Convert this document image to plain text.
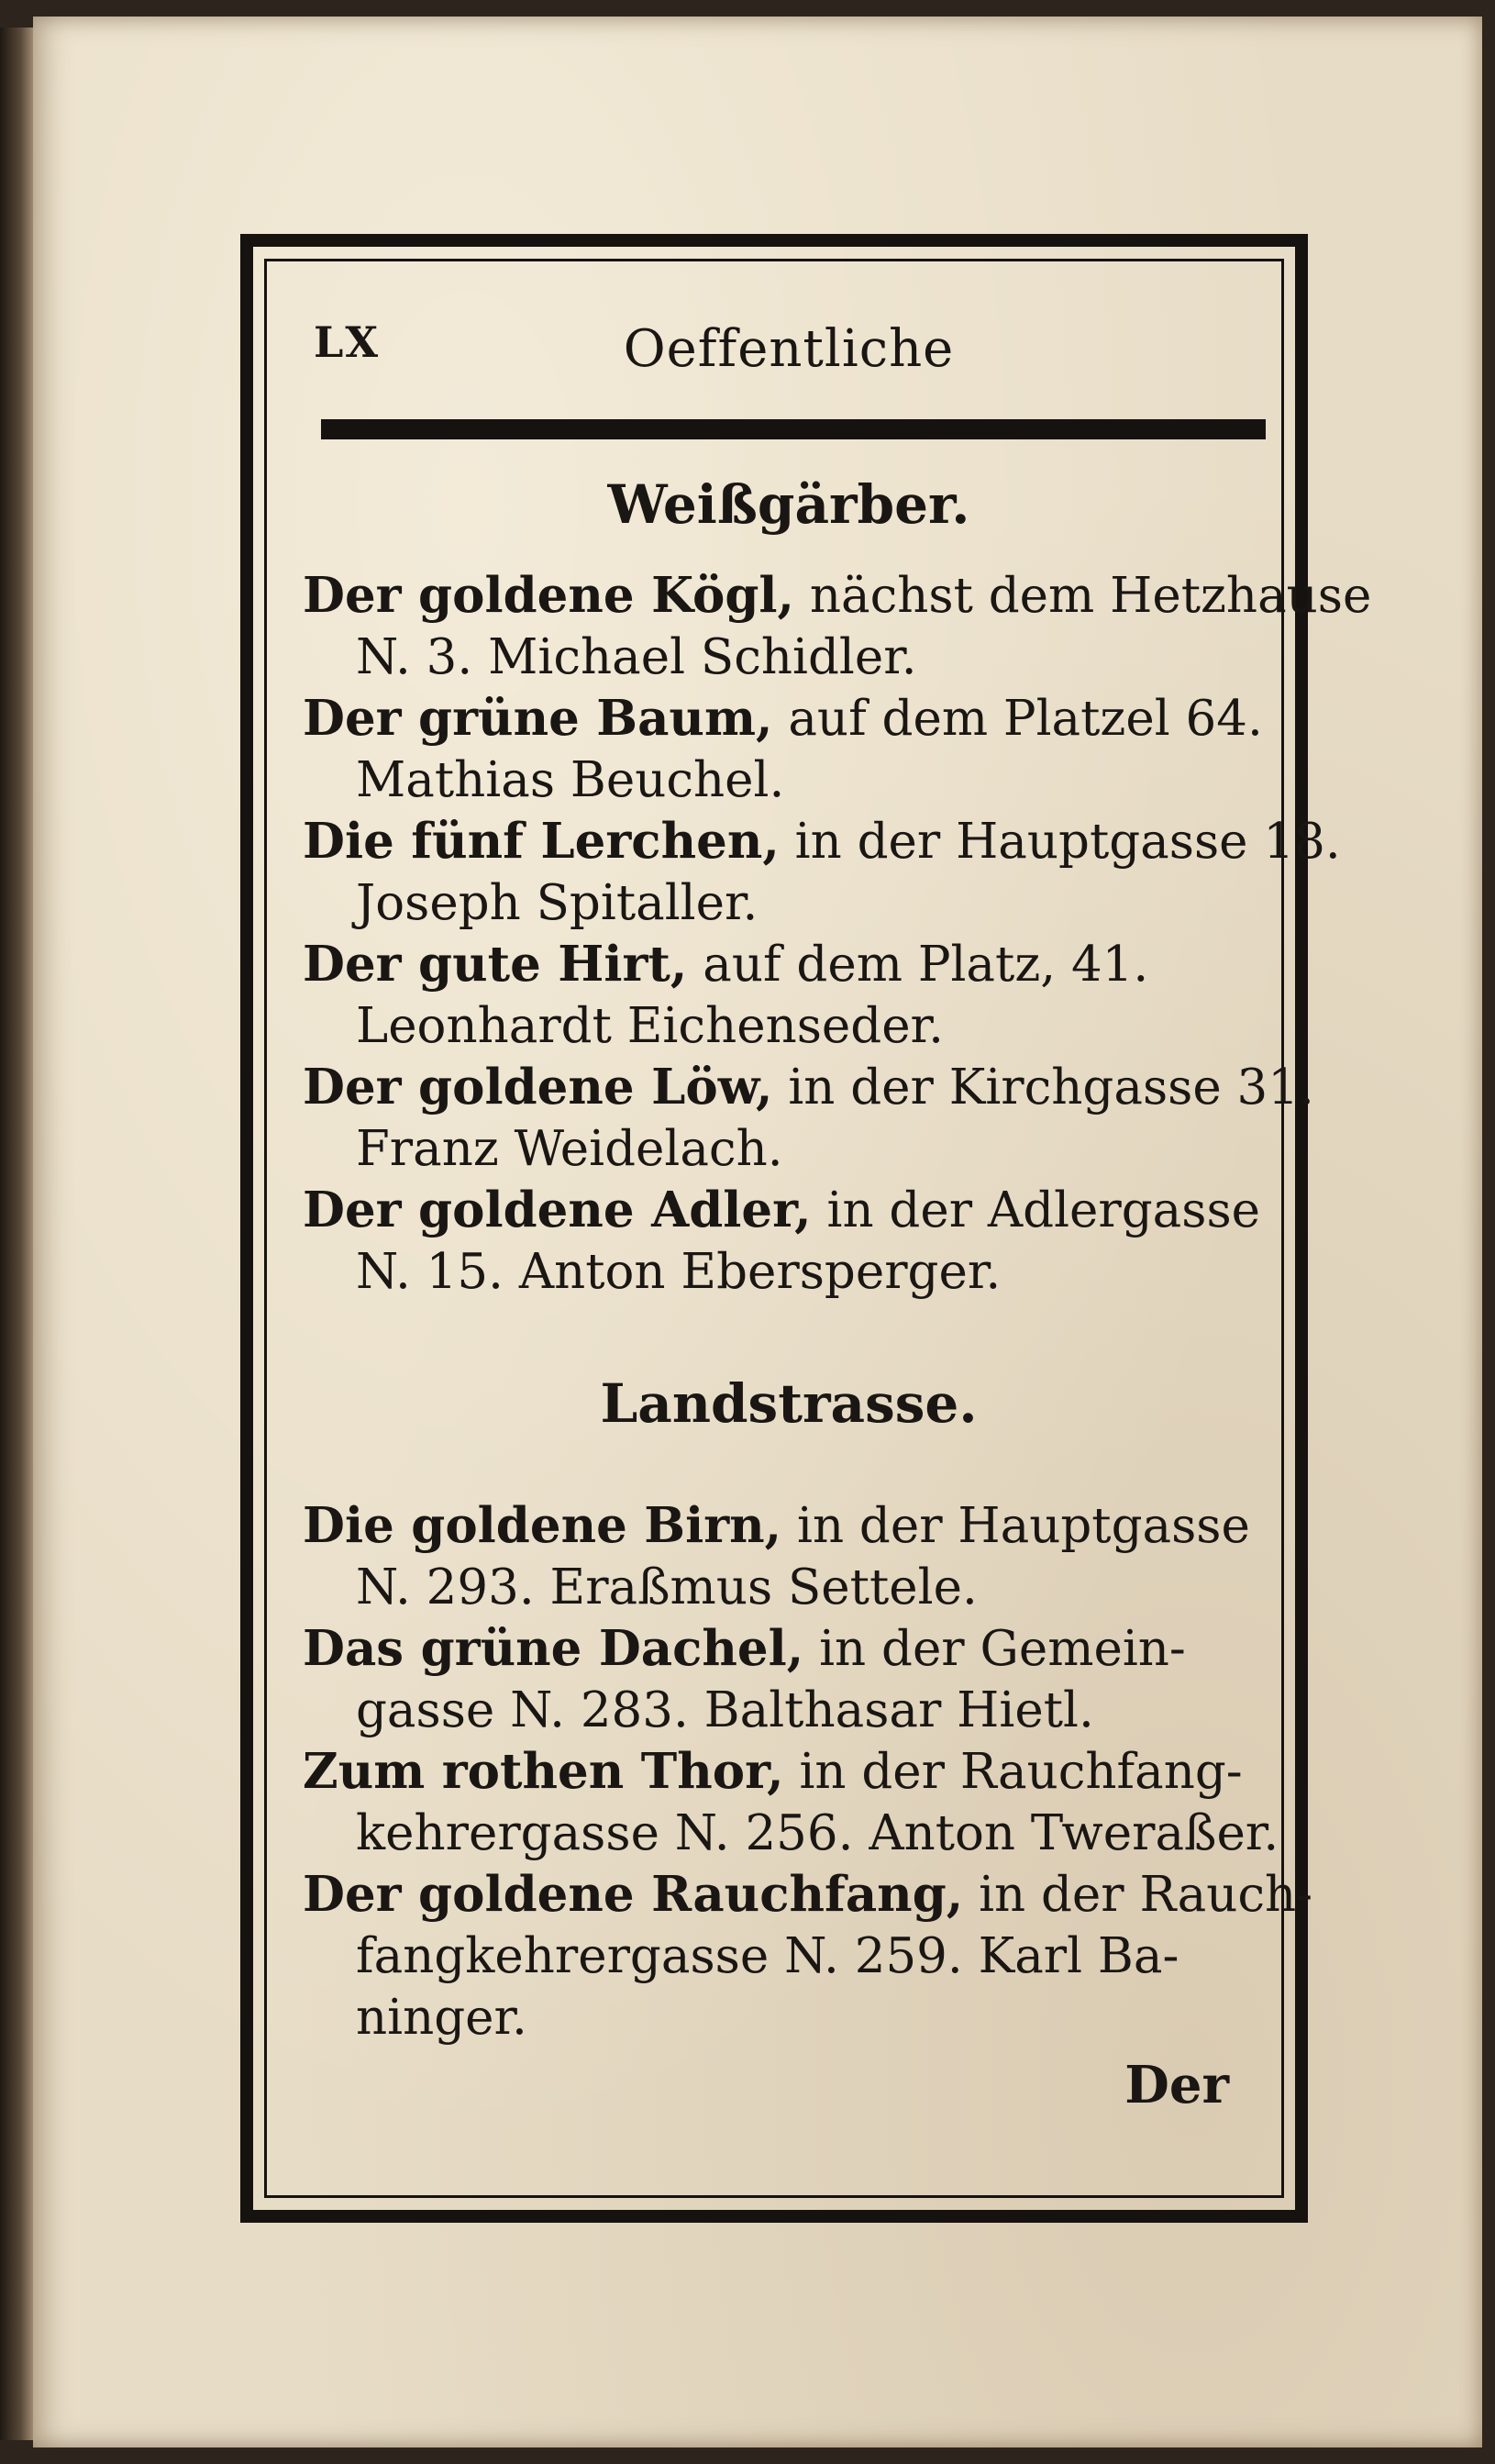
LX	Oeffentliche
Weißgärber.
Der goldene Kögl, nächst dem Hetzhause
N. 3. Michael Schidler.
Der grüne Baum, auf dem Platzel 64.
Mathias Beuchel.
Die fünf Lerchen, in der Hauptgasse 18.
Joseph Spitaller.
Der gute Hirt, auf dem Platz, 41.
Leonhardt Eichenseder.
Der goldene Löw, in der Kirchgasse 31.
Franz Weidelach.
Der goldene Adler, in der Adlergasse
N. 15. Anton Ebersperger.
Landstrasse.
Die goldene Birn, in der Hauptgasse
N. 293. Eraßmus Settele.
Das grüne Dachel, in der Gemein-
gasse N. 283. Balthasar Hietl.
Zum rothen Thor, in der Rauchfang-
kehrergasse N. 256. Anton Tweraßer.
Der goldene Rauchfang, in der Rauch-
fangkehrergasse N. 259. Karl Ba-
ninger.
Der
